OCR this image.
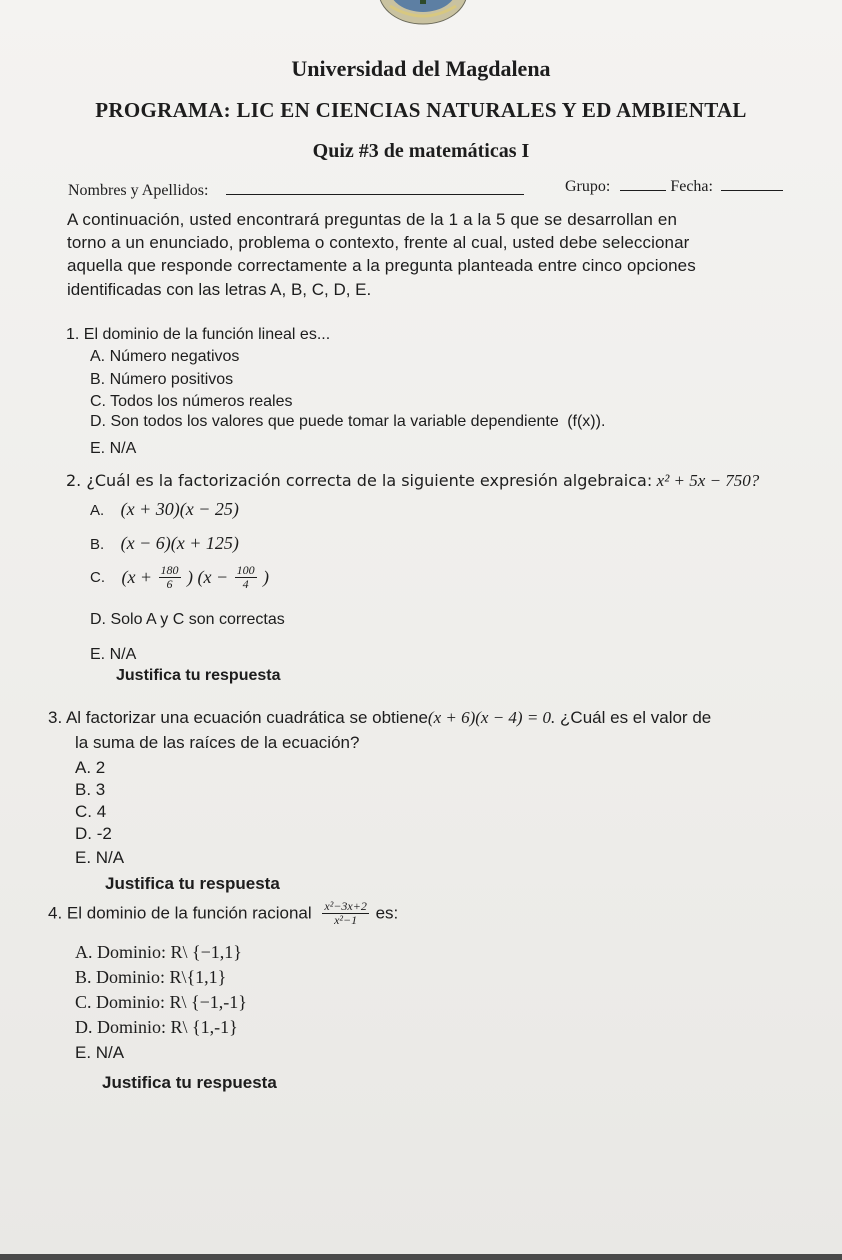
Universidad del Magdalena
PROGRAMA: LIC EN CIENCIAS NATURALES Y ED AMBIENTAL
Quiz #3 de matemáticas I
Nombres y Apellidos:	Grupo:	Fecha:
A continuación, usted encontrará preguntas de la 1 a la 5 que se desarrollan en
torno a un enunciado, problema o contexto, frente al cual, usted debe seleccionar
aquella que responde correctamente a la pregunta planteada entre cinco opciones
identificadas con las letras A, B, C, D, E.
1. El dominio de la función lineal es...
A. Número negativos
B. Número positivos
C. Todos los números reales
D. Son todos los valores que puede tomar la variable dependiente (f(x)).
E. N/A
2. ¿Cuál es la factorización correcta de la siguiente expresión algebraica: x² + 5x − 750?
A. (x + 30)(x − 25)
B. (x − 6)(x + 125)
C. ($x + \frac{180}{6}$ ) ($x - \frac{100}{4}$ )
D. Solo A y C son correctas
E. N/A
Justifica tu respuesta
3. Al factorizar una ecuación cuadrática se obtiene(x + 6)(x − 4) = 0. ¿Cuál es el valor de
la suma de las raíces de la ecuación?
A. 2
B. 3
C. 4
D. -2
E. N/A
Justifica tu respuesta
4. El dominio de la función racional $\frac{\text{x²−3x+2}}{\text{x²−1}}$ es:
A. Dominio: R\ {−1,1}
B. Dominio: R\{1,1}
C. Dominio: R\ {−1,-1}
D. Dominio: R\ {1,-1}
E. N/A
Justifica tu respuesta
